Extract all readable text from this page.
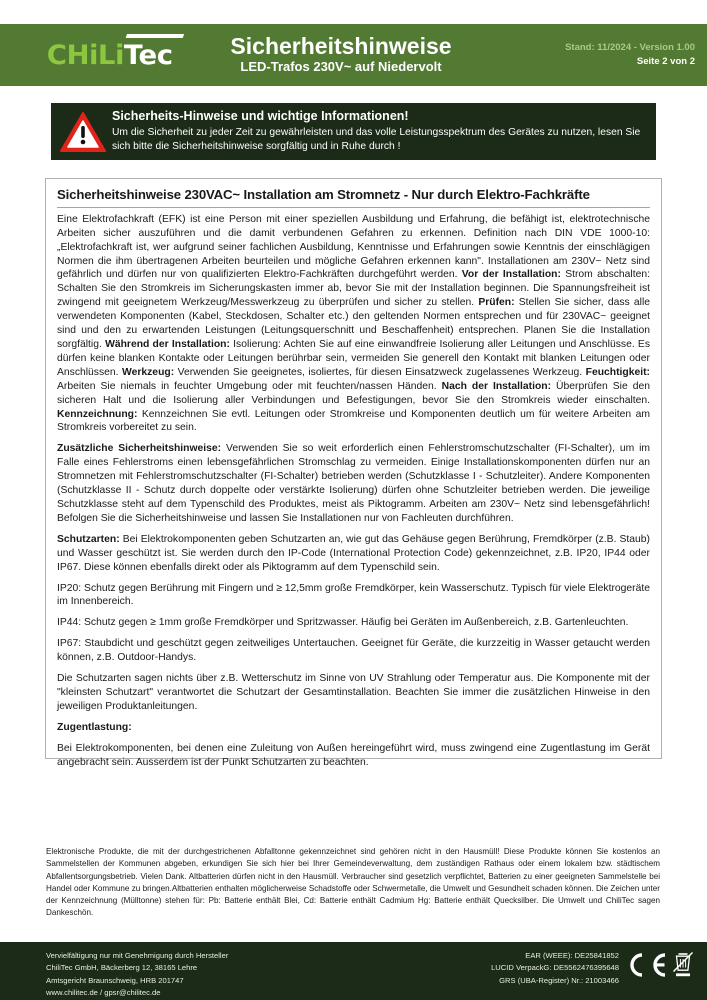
CHiLiTec	Sicherheitshinweise
LED-Trafos 230V~ auf Niedervolt
Stand: 11/2024 - Version 1.00
Seite 2 von 2
Sicherheits-Hinweise und wichtige Informationen!
Um die Sicherheit zu jeder Zeit zu gewährleisten und das volle Leistungsspektrum des Gerätes zu nutzen, lesen Sie sich bitte die Sicherheitshinweise sorgfältig und in Ruhe durch !
Sicherheitshinweise 230VAC~ Installation am Stromnetz - Nur durch Elektro-Fachkräfte
Eine Elektrofachkraft (EFK) ist eine Person mit einer speziellen Ausbildung und Erfahrung, die befähigt ist, elektrotechnische Arbeiten sicher auszuführen und die damit verbundenen Gefahren zu erkennen. Definition nach DIN VDE 1000-10: „Elektrofachkraft ist, wer aufgrund seiner fachlichen Ausbildung, Kenntnisse und Erfahrungen sowie Kenntnis der einschlägigen Normen die ihm übertragenen Arbeiten beurteilen und mögliche Gefahren erkennen kann". Installationen am 230V~ Netz sind gefährlich und dürfen nur von qualifizierten Elektro-Fachkräften durchgeführt werden. Vor der Installation: Strom abschalten: Schalten Sie den Stromkreis im Sicherungskasten immer ab, bevor Sie mit der Installation beginnen. Die Spannungsfreiheit ist zwingend mit geeignetem Werkzeug/Messwerkzeug zu überprüfen und sicher zu stellen. Prüfen: Stellen Sie sicher, dass alle verwendeten Komponenten (Kabel, Steckdosen, Schalter etc.) den geltenden Normen entsprechen und für 230VAC~ geeignet sind und den zu erwartenden Leistungen (Leitungsquerschnitt und Beschaffenheit) entsprechen. Planen Sie die Installation sorgfältig. Während der Installation: Isolierung: Achten Sie auf eine einwandfreie Isolierung aller Leitungen und Anschlüsse. Es dürfen keine blanken Kontakte oder Leitungen berührbar sein, vermeiden Sie generell den Kontakt mit blanken Leitungen oder Anschlüssen. Werkzeug: Verwenden Sie geeignetes, isoliertes, für diesen Einsatzweck zugelassenes Werkzeug. Feuchtigkeit: Arbeiten Sie niemals in feuchter Umgebung oder mit feuchten/nassen Händen. Nach der Installation: Überprüfen Sie den sicheren Halt und die Isolierung aller Verbindungen und Befestigungen, bevor Sie den Stromkreis wieder einschalten. Kennzeichnung: Kennzeichnen Sie evtl. Leitungen oder Stromkreise und Komponenten deutlich um für weitere Arbeiten am Stromkreis vorbereitet zu sein.
Zusätzliche Sicherheitshinweise: Verwenden Sie so weit erforderlich einen Fehlerstromschutzschalter (FI-Schalter), um im Falle eines Fehlerstroms einen lebensgefährlichen Stromschlag zu vermeiden. Einige Installationskomponenten dürfen nur an Stromnetzen mit Fehlerstromschutzschalter (FI-Schalter) betrieben werden (Schutzklasse I - Schutzleiter). Andere Komponenten (Schutzklasse II - Schutz durch doppelte oder verstärkte Isolierung) dürfen ohne Schutzleiter betrieben werden. Die jeweilige Schutzklasse steht auf dem Typenschild des Produktes, meist als Piktogramm. Arbeiten am 230V~ Netz sind lebensgefährlich! Befolgen Sie die Sicherheitshinweise und lassen Sie Installationen nur von Fachleuten durchführen.
Schutzarten: Bei Elektrokomponenten geben Schutzarten an, wie gut das Gehäuse gegen Berührung, Fremdkörper (z.B. Staub) und Wasser geschützt ist. Sie werden durch den IP-Code (International Protection Code) gekennzeichnet, z.B. IP20, IP44 oder IP67. Diese können ebenfalls direkt oder als Piktogramm auf dem Typenschild sein.
IP20: Schutz gegen Berührung mit Fingern und ≥ 12,5mm große Fremdkörper, kein Wasserschutz. Typisch für viele Elektrogeräte im Innenbereich.
IP44: Schutz gegen ≥ 1mm große Fremdkörper und Spritzwasser. Häufig bei Geräten im Außenbereich, z.B. Gartenleuchten.
IP67: Staubdicht und geschützt gegen zeitweiliges Untertauchen. Geeignet für Geräte, die kurzzeitig in Wasser getaucht werden können, z.B. Outdoor-Handys.
Die Schutzarten sagen nichts über z.B. Wetterschutz im Sinne von UV Strahlung oder Temperatur aus. Die Komponente mit der "kleinsten Schutzart" verantwortet die Schutzart der Gesamtinstallation. Beachten Sie immer die zusätzlichen Hinweise in den jeweiligen Produktanleitungen.
Zugentlastung:
Bei Elektrokomponenten, bei denen eine Zuleitung von Außen hereingeführt wird, muss zwingend eine Zugentlastung im Gerät angebracht sein. Ausserdem ist der Punkt Schutzarten zu beachten.
Elektronische Produkte, die mit der durchgestrichenen Abfalltonne gekennzeichnet sind gehören nicht in den Hausmüll! Diese Produkte können Sie kostenlos an Sammelstellen der Kommunen abgeben, erkundigen Sie sich hier bei Ihrer Gemeindeverwaltung, dem zuständigen Rathaus oder einem lokalem bzw. städtischem Abfallentsorgungsbetrieb. Vielen Dank. Altbatterien dürfen nicht in den Hausmüll. Verbraucher sind gesetzlich verpflichtet, Batterien zu einer geeigneten Sammelstelle bei Handel oder Kommune zu bringen.Altbatterien enthalten möglicherweise Schadstoffe oder Schwermetalle, die Umwelt und Gesundheit schaden können. Die Zeichen unter der Kennzeichnung (Mülltonne) stehen für: Pb: Batterie enthält Blei, Cd: Batterie enthält Cadmium Hg: Batterie enthält Quecksilber. Die Umwelt und ChiliTec sagen Dankeschön.
Vervielfältigung nur mit Genehmigung durch Hersteller
ChiliTec GmbH, Bäckerberg 12, 38165 Lehre
Amtsgericht Braunschweig, HRB 201747
www.chilitec.de / gpsr@chilitec.de
EAR (WEEE): DE25841852
LUCID VerpackG: DE5562476395648
GRS (UBA-Register) Nr.: 21003466
